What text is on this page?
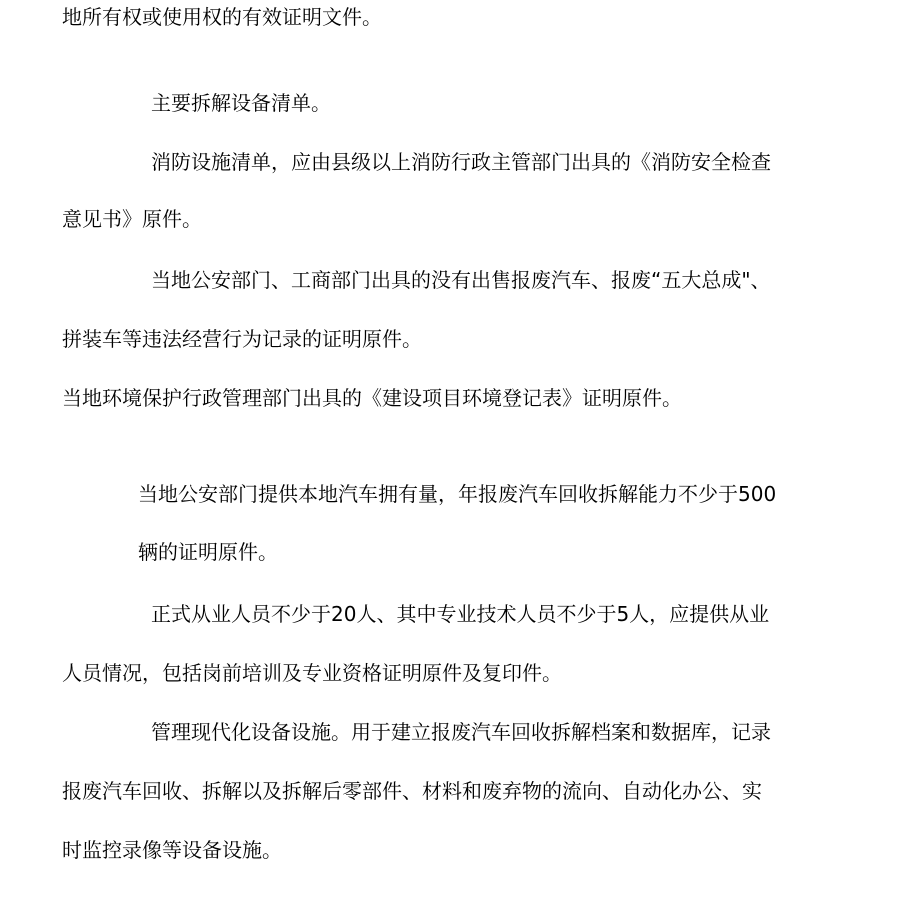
地所有权或使用权的有效证明文件。

主要拆解设备清单。

消防设施清单，应由县级以上消防行政主管部门出具的《消防安全检查

意见书》原件。

当地公安部门、工商部门出具的没有出售报废汽车、报废“五大总成"、

拼装车等违法经营行为记录的证明原件。

当地环境保护行政管理部门出具的《建设项目环境登记表》证明原件。

当地公安部门提供本地汽车拥有量，年报废汽车回收拆解能力不少于500

辆的证明原件。

正式从业人员不少于20人、其中专业技术人员不少于5人，应提供从业

人员情况，包括岗前培训及专业资格证明原件及复印件。

管理现代化设备设施。用于建立报废汽车回收拆解档案和数据库，记录

报废汽车回收、拆解以及拆解后零部件、材料和废弃物的流向、自动化办公、实

时监控录像等设备设施。
